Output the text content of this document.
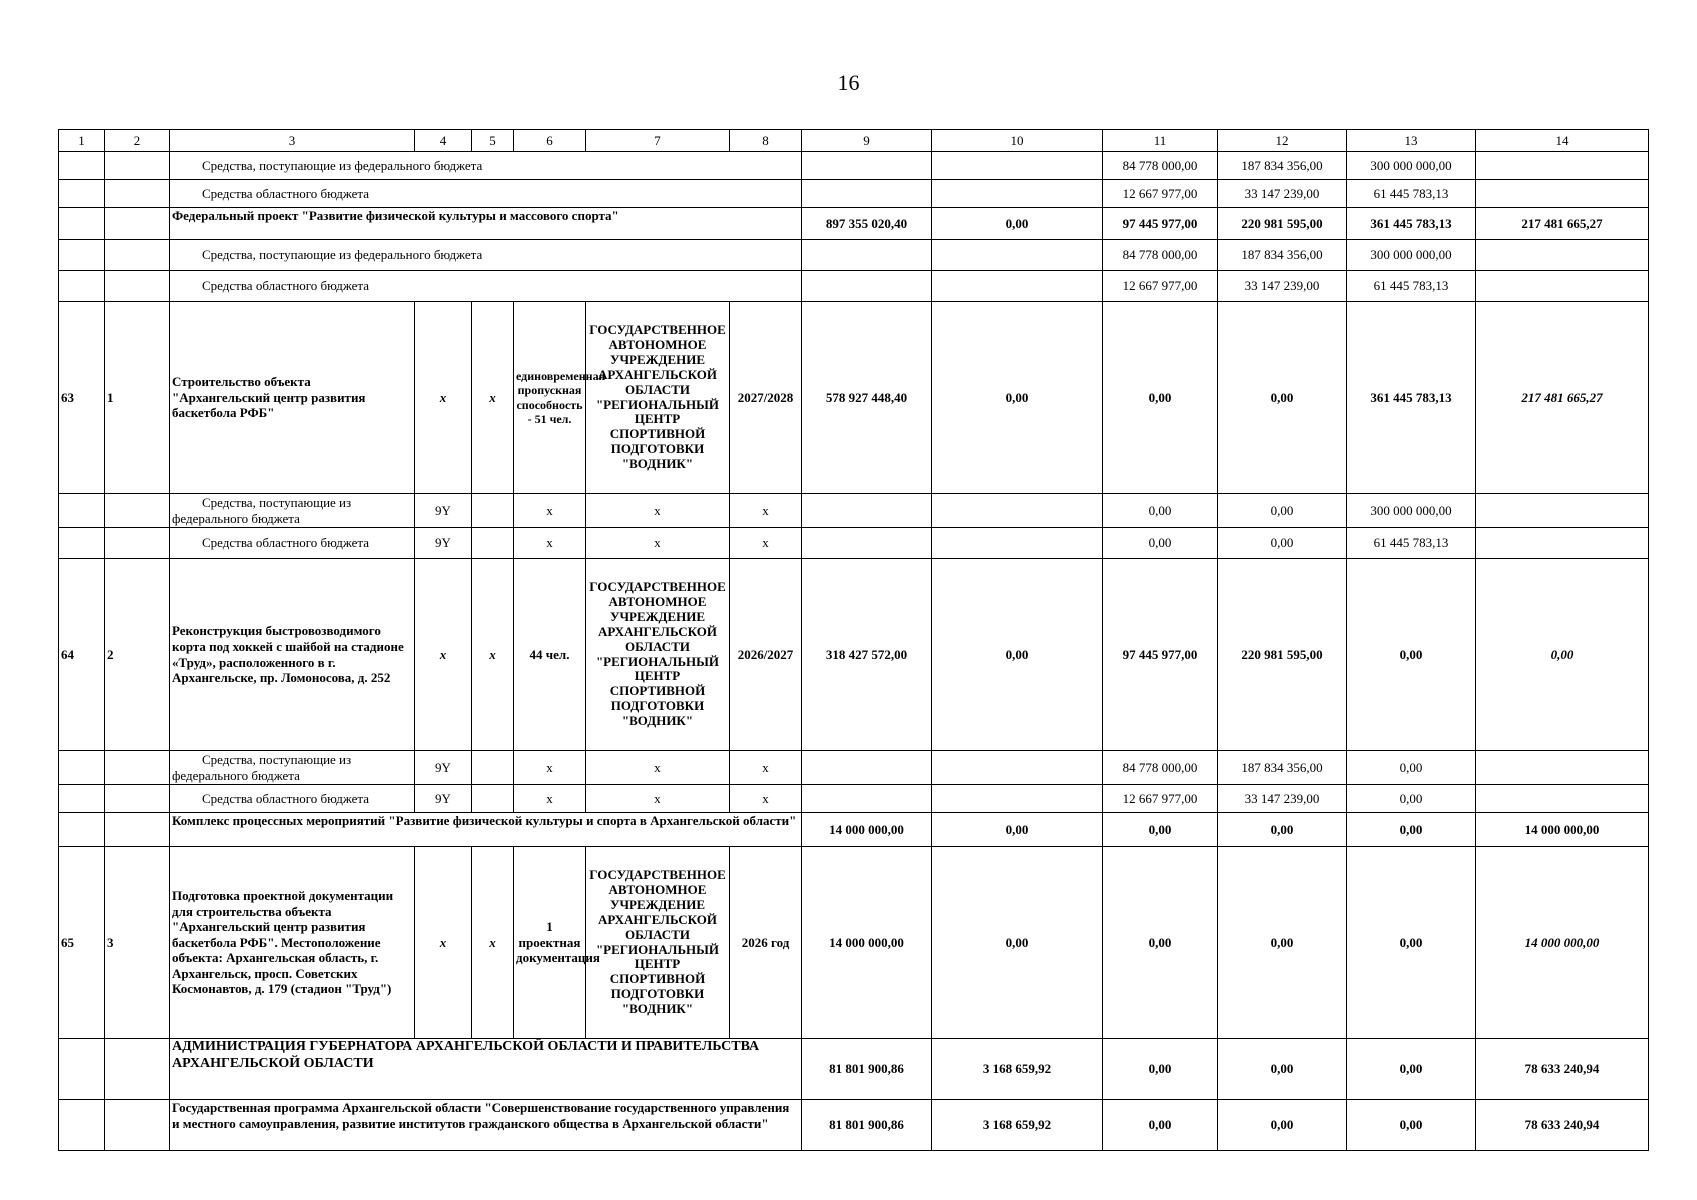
16
1	2	3	4	5	6	7	8	9	10	11	12	13	14
		Средства, поступающие из федерального бюджета								84 778 000,00	187 834 356,00	300 000 000,00	
		Средства областного бюджета								12 667 977,00	33 147 239,00	61 445 783,13	
		Федеральный проект "Развитие физической культуры и массового спорта"						897 355 020,40	0,00	97 445 977,00	220 981 595,00	361 445 783,13	217 481 665,27
		Средства, поступающие из федерального бюджета								84 778 000,00	187 834 356,00	300 000 000,00	
		Средства областного бюджета								12 667 977,00	33 147 239,00	61 445 783,13	
63	1	Строительство объекта "Архангельский центр развития баскетбола РФБ"	x	x	единовременная пропускная способность - 51 чел.	ГОСУДАРСТВЕННОЕ АВТОНОМНОЕ УЧРЕЖДЕНИЕ АРХАНГЕЛЬСКОЙ ОБЛАСТИ "РЕГИОНАЛЬНЫЙ ЦЕНТР СПОРТИВНОЙ ПОДГОТОВКИ "ВОДНИК"	2027/2028	578 927 448,40	0,00	0,00	0,00	361 445 783,13	217 481 665,27
		Средства, поступающие из федерального бюджета	9Y		x	x	x			0,00	0,00	300 000 000,00	
		Средства областного бюджета	9Y		x	x	x			0,00	0,00	61 445 783,13	
64	2	Реконструкция быстровозводимого корта под хоккей с шайбой на стадионе «Труд», расположенного в г. Архангельске, пр. Ломоносова, д. 252	x	x	44 чел.	ГОСУДАРСТВЕННОЕ АВТОНОМНОЕ УЧРЕЖДЕНИЕ АРХАНГЕЛЬСКОЙ ОБЛАСТИ "РЕГИОНАЛЬНЫЙ ЦЕНТР СПОРТИВНОЙ ПОДГОТОВКИ "ВОДНИК"	2026/2027	318 427 572,00	0,00	97 445 977,00	220 981 595,00	0,00	0,00
		Средства, поступающие из федерального бюджета	9Y		x	x	x			84 778 000,00	187 834 356,00	0,00	
		Средства областного бюджета	9Y		x	x	x			12 667 977,00	33 147 239,00	0,00	
		Комплекс процессных мероприятий "Развитие физической культуры и спорта в Архангельской области"						14 000 000,00	0,00	0,00	0,00	0,00	14 000 000,00
65	3	Подготовка проектной документации для строительства объекта "Архангельский центр развития баскетбола РФБ". Местоположение объекта: Архангельская область, г. Архангельск, просп. Советских Космонавтов, д. 179 (стадион "Труд")	x	x	1 проектная документация	ГОСУДАРСТВЕННОЕ АВТОНОМНОЕ УЧРЕЖДЕНИЕ АРХАНГЕЛЬСКОЙ ОБЛАСТИ "РЕГИОНАЛЬНЫЙ ЦЕНТР СПОРТИВНОЙ ПОДГОТОВКИ "ВОДНИК"	2026 год	14 000 000,00	0,00	0,00	0,00	0,00	14 000 000,00
		АДМИНИСТРАЦИЯ ГУБЕРНАТОРА АРХАНГЕЛЬСКОЙ ОБЛАСТИ И ПРАВИТЕЛЬСТВА АРХАНГЕЛЬСКОЙ ОБЛАСТИ						81 801 900,86	3 168 659,92	0,00	0,00	0,00	78 633 240,94
		Государственная программа Архангельской области "Совершенствование государственного управления и местного самоуправления, развитие институтов гражданского общества в Архангельской области"						81 801 900,86	3 168 659,92	0,00	0,00	0,00	78 633 240,94
